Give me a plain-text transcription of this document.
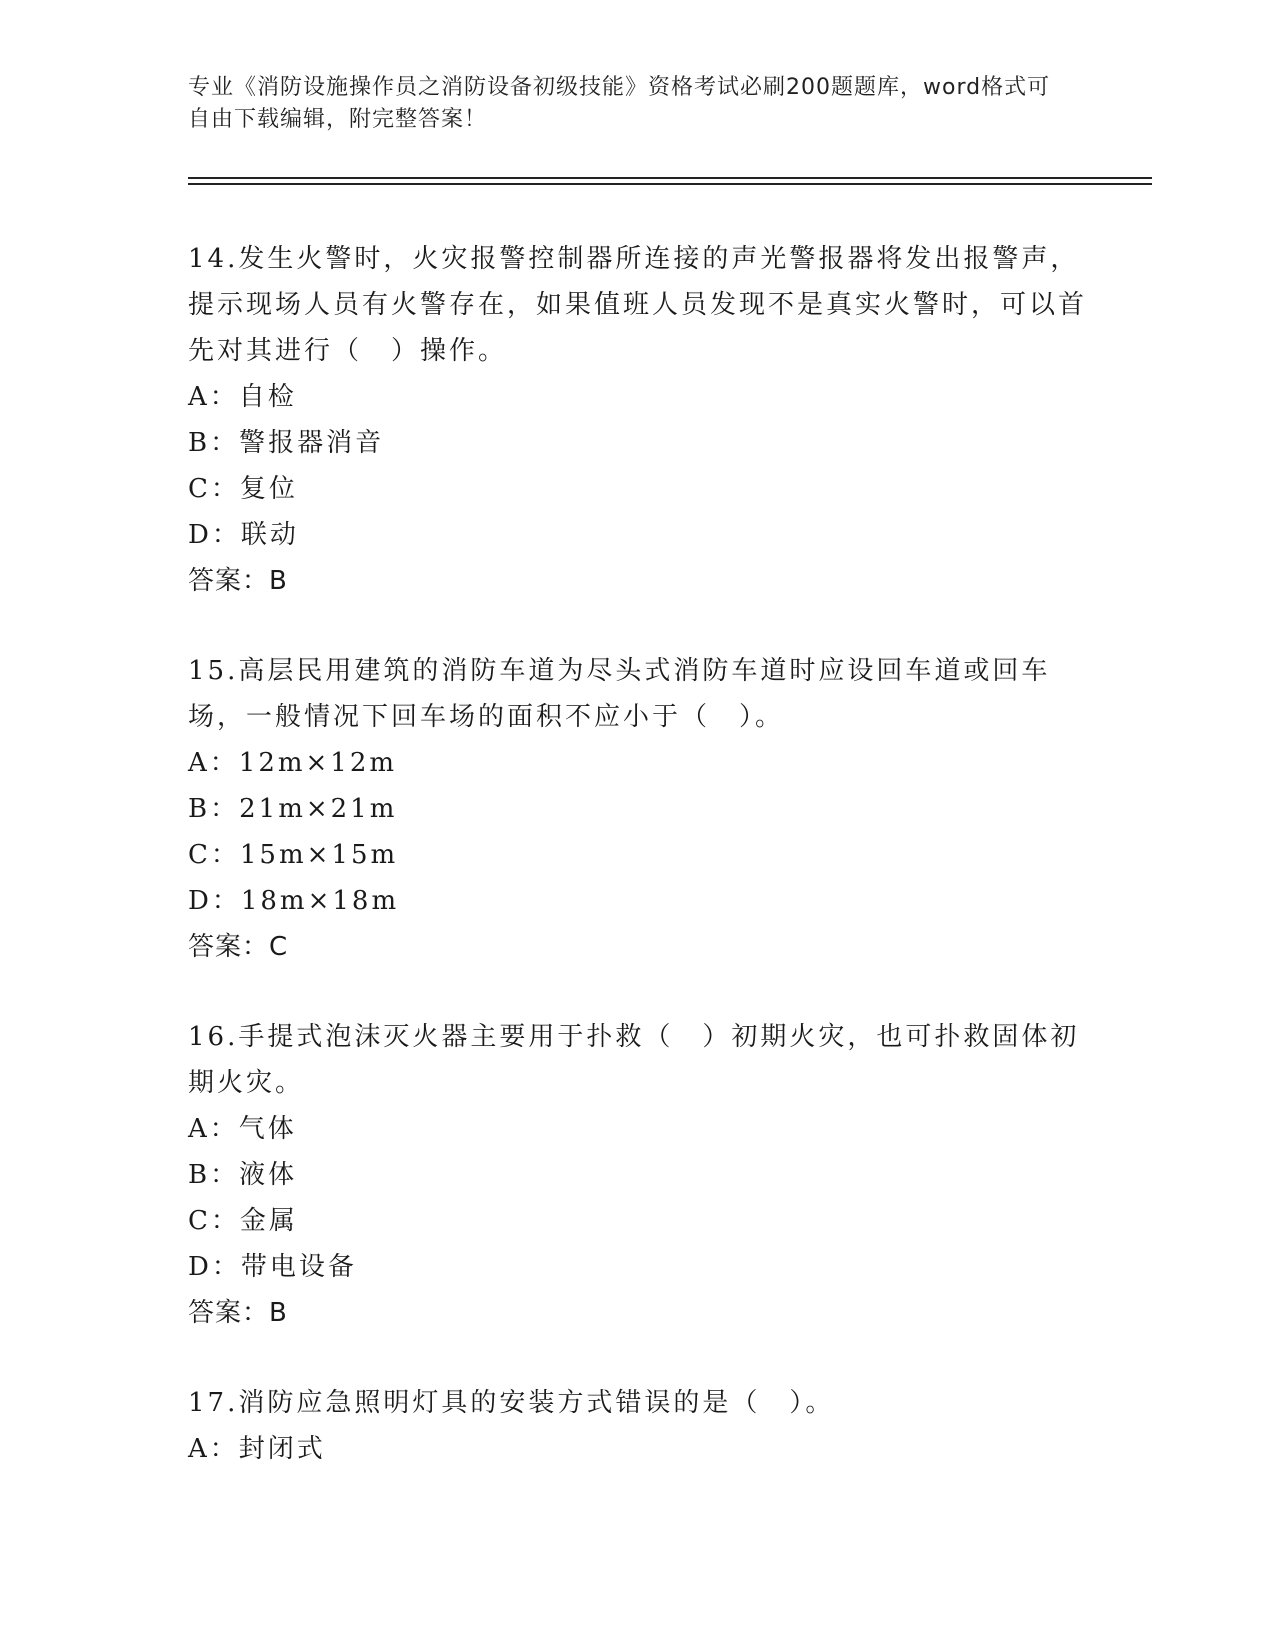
专业《消防设施操作员之消防设备初级技能》资格考试必刷200题题库，word格式可自由下载编辑，附完整答案！

14.发生火警时，火灾报警控制器所连接的声光警报器将发出报警声，提示现场人员有火警存在，如果值班人员发现不是真实火警时，可以首先对其进行（　）操作。

A：自检

B：警报器消音

C：复位

D：联动

答案：B

15.高层民用建筑的消防车道为尽头式消防车道时应设回车道或回车场，一般情况下回车场的面积不应小于（　）。

A：12m×12m

B：21m×21m

C：15m×15m

D：18m×18m

答案：C

16.手提式泡沫灭火器主要用于扑救（　）初期火灾，也可扑救固体初期火灾。

A：气体

B：液体

C：金属

D：带电设备

答案：B

17.消防应急照明灯具的安装方式错误的是（　）。

A：封闭式
